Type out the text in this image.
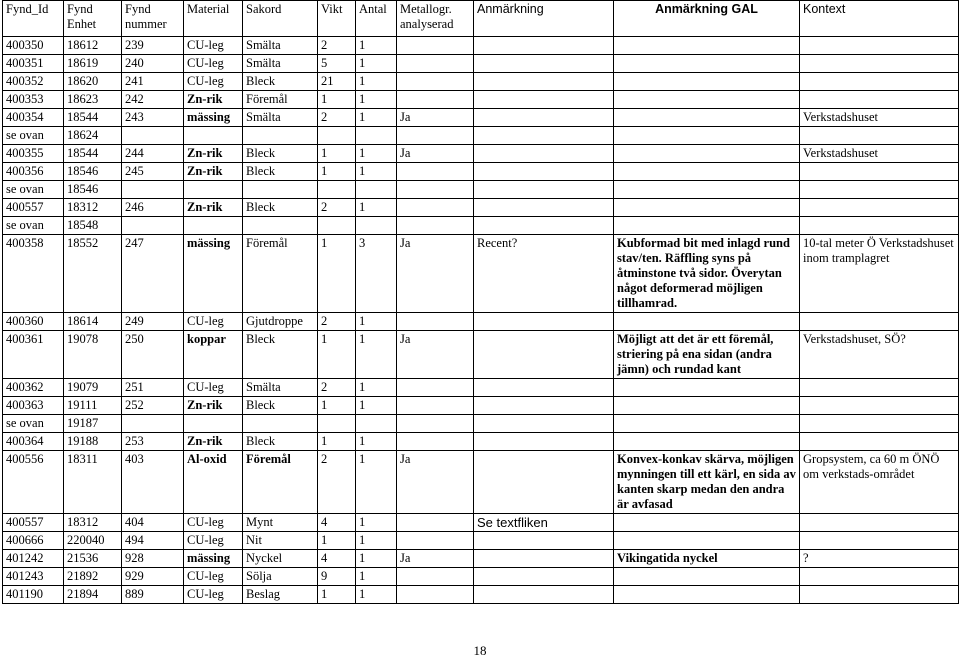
Fynd_Id	Fynd Enhet	Fynd nummer	Material	Sakord	Vikt	Antal	Metallogr. analyserad	Anmärkning	Anmärkning GAL	Kontext
400350	18612	239	CU-leg	Smälta	2	1				
400351	18619	240	CU-leg	Smälta	5	1				
400352	18620	241	CU-leg	Bleck	21	1				
400353	18623	242	Zn-rik	Föremål	1	1				
400354	18544	243	mässing	Smälta	2	1	Ja			Verkstadshuset
se ovan	18624									
400355	18544	244	Zn-rik	Bleck	1	1	Ja			Verkstadshuset
400356	18546	245	Zn-rik	Bleck	1	1				
se ovan	18546									
400557	18312	246	Zn-rik	Bleck	2	1				
se ovan	18548									
400358	18552	247	mässing	Föremål	1	3	Ja	Recent?	Kubformad bit med inlagd rund stav/ten. Räffling syns på åtminstone två sidor. Överytan något deformerad möjligen tillhamrad.	10-tal meter Ö Verkstadshuset inom tramplagret
400360	18614	249	CU-leg	Gjutdroppe	2	1				
400361	19078	250	koppar	Bleck	1	1	Ja		Möjligt att det är ett föremål, striering på ena sidan (andra jämn) och rundad kant	Verkstadshuset, SÖ?
400362	19079	251	CU-leg	Smälta	2	1				
400363	19111	252	Zn-rik	Bleck	1	1				
se ovan	19187									
400364	19188	253	Zn-rik	Bleck	1	1				
400556	18311	403	Al-oxid	Föremål	2	1	Ja		Konvex-konkav skärva, möjligen mynningen till ett kärl, en sida av kanten skarp medan den andra är avfasad	Gropsystem, ca 60 m ÖNÖ om verkstads-området
400557	18312	404	CU-leg	Mynt	4	1		Se textfliken		
400666	220040	494	CU-leg	Nit	1	1				
401242	21536	928	mässing	Nyckel	4	1	Ja		Vikingatida nyckel	?
401243	21892	929	CU-leg	Sölja	9	1				
401190	21894	889	CU-leg	Beslag	1	1				
18
